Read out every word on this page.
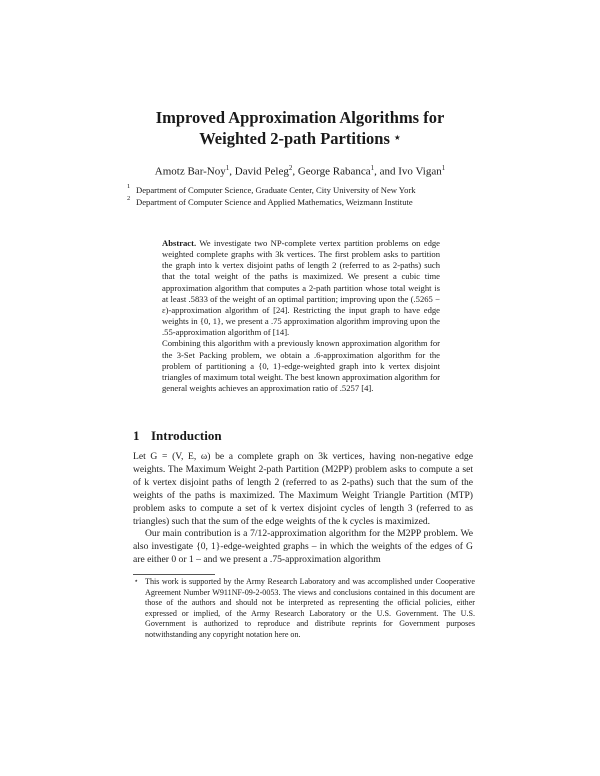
Improved Approximation Algorithms for
Weighted 2-path Partitions ⋆
Amotz Bar-Noy$^1$, David Peleg$^2$, George Rabanca$^1$, and Ivo Vigan$^1$
1 Department of Computer Science, Graduate Center, City University of New York
2 Department of Computer Science and Applied Mathematics, Weizmann Institute

Abstract. We investigate two NP-complete vertex partition problems on edge weighted complete graphs with 3k vertices. The first problem asks to partition the graph into k vertex disjoint paths of length 2 (referred to as 2-paths) such that the total weight of the paths is maximized. We present a cubic time approximation algorithm that computes a 2-path partition whose total weight is at least .5833 of the weight of an optimal partition; improving upon the (.5265 − ε)-approximation algorithm of [24]. Restricting the input graph to have edge weights in {0, 1}, we present a .75 approximation algorithm improving upon the .55-approximation algorithm of [14].

Combining this algorithm with a previously known approximation algorithm for the 3-Set Packing problem, we obtain a .6-approximation algorithm for the problem of partitioning a {0, 1}-edge-weighted graph into k vertex disjoint triangles of maximum total weight. The best known approximation algorithm for general weights achieves an approximation ratio of .5257 [4].

1 Introduction

Let G = (V, E, ω) be a complete graph on 3k vertices, having non-negative edge weights. The Maximum Weight 2-path Partition (M2PP) problem asks to compute a set of k vertex disjoint paths of length 2 (referred to as 2-paths) such that the sum of the weights of the paths is maximized. The Maximum Weight Triangle Partition (MTP) problem asks to compute a set of k vertex disjoint cycles of length 3 (referred to as triangles) such that the sum of the edge weights of the k cycles is maximized.

Our main contribution is a 7/12-approximation algorithm for the M2PP problem. We also investigate {0, 1}-edge-weighted graphs – in which the weights of the edges of G are either 0 or 1 – and we present a .75-approximation algorithm

⋆ This work is supported by the Army Research Laboratory and was accomplished under Cooperative Agreement Number W911NF-09-2-0053. The views and conclusions contained in this document are those of the authors and should not be interpreted as representing the official policies, either expressed or implied, of the Army Research Laboratory or the U.S. Government. The U.S. Government is authorized to reproduce and distribute reprints for Government purposes notwithstanding any copyright notation here on.
